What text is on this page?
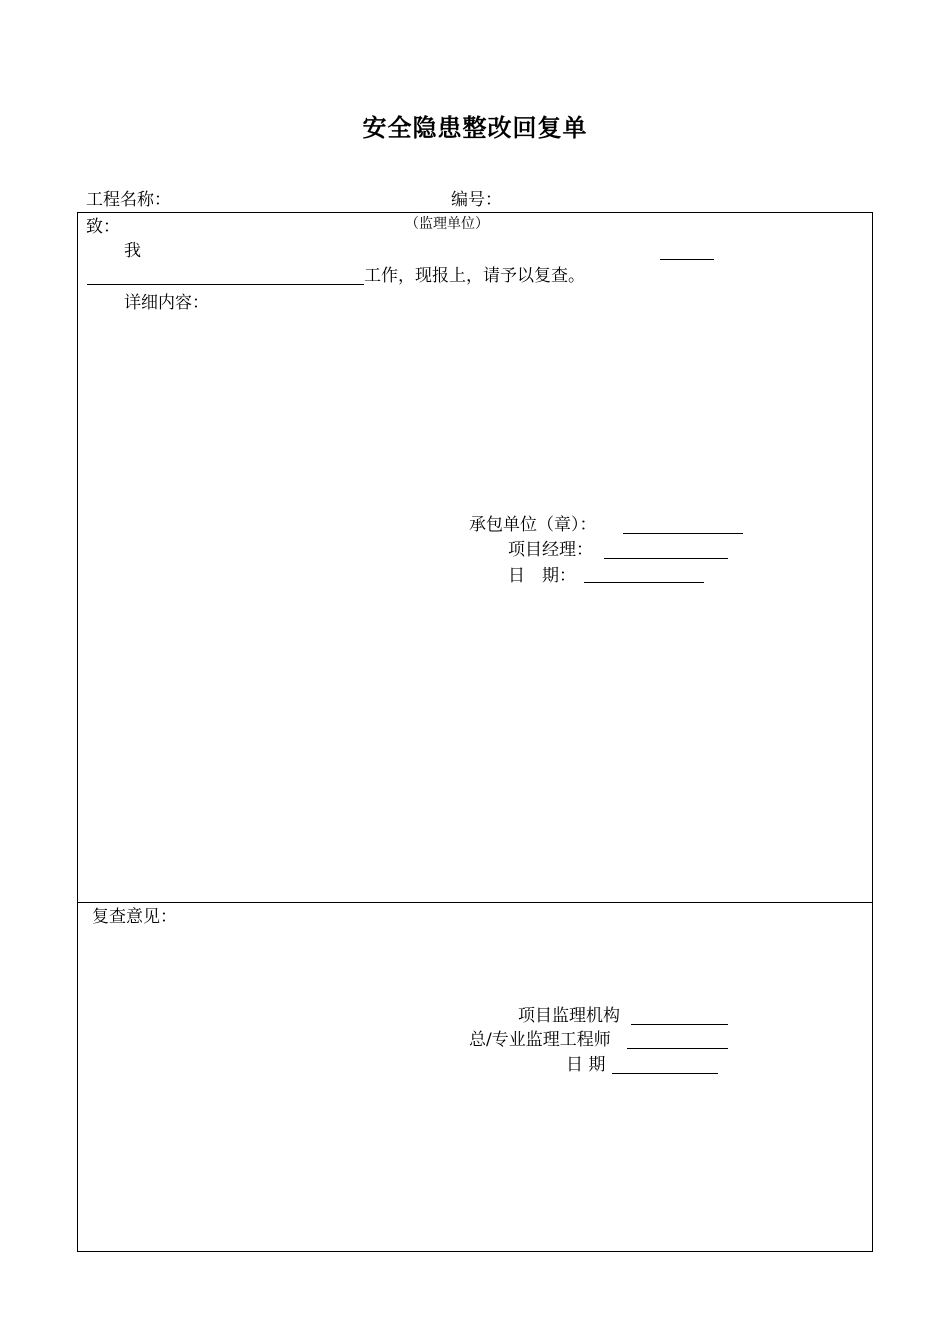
安全隐患整改回复单
工程名称：	编号：
致：	（监理单位）
我
工作，现报上，请予以复查。
详细内容：
承包单位（章）：
项目经理：
日　期：
复查意见：
项目监理机构
总/专业监理工程师
日 期
